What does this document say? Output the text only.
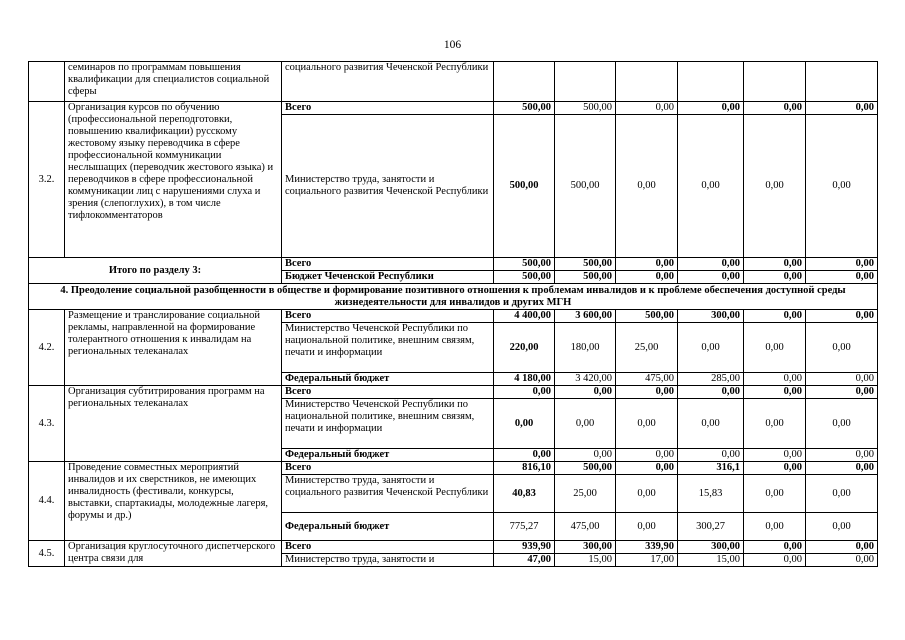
106
	семинаров по программам повышения квалификации для специалистов социальной сферы	социального развития Чеченской Республики						
3.2.	Организация курсов по обучению (профессиональной переподготовки, повышению квалификации) русскому жестовому языку переводчика в сфере профессиональной коммуникации неслышащих (переводчик жестового языка) и переводчиков в сфере профессиональной коммуникации лиц с нарушениями слуха и зрения (слепоглухих), в том числе тифлокомментаторов	Всего	500,00	500,00	0,00	0,00	0,00	0,00
		Министерство труда, занятости и социального развития Чеченской Республики	500,00	500,00	0,00	0,00	0,00	0,00
Итого по разделу 3:		Всего	500,00	500,00	0,00	0,00	0,00	0,00
		Бюджет Чеченской Республики	500,00	500,00	0,00	0,00	0,00	0,00
4. Преодоление социальной разобщенности в обществе и формирование позитивного отношения к проблемам инвалидов и к проблеме обеспечения доступной среды жизнедеятельности для инвалидов и других МГН								
4.2.	Размещение и транслирование социальной рекламы, направленной на формирование толерантного отношения к инвалидам на региональных телеканалах	Всего	4 400,00	3 600,00	500,00	300,00	0,00	0,00
		Министерство Чеченской Республики по национальной политике, внешним связям, печати и информации	220,00	180,00	25,00	0,00	0,00	0,00
		Федеральный бюджет	4 180,00	3 420,00	475,00	285,00	0,00	0,00
4.3.	Организация субтитрирования программ на региональных телеканалах	Всего	0,00	0,00	0,00	0,00	0,00	0,00
		Министерство Чеченской Республики по национальной политике, внешним связям, печати и информации	0,00	0,00	0,00	0,00	0,00	0,00
		Федеральный бюджет	0,00	0,00	0,00	0,00	0,00	0,00
4.4.	Проведение совместных мероприятий инвалидов и их сверстников, не имеющих инвалидность (фестивали, конкурсы, выставки, спартакиады, молодежные лагеря, форумы и др.)	Всего	816,10	500,00	0,00	316,1	0,00	0,00
		Министерство труда, занятости и социального развития Чеченской Республики	40,83	25,00	0,00	15,83	0,00	0,00
		Федеральный бюджет	775,27	475,00	0,00	300,27	0,00	0,00
4.5.	Организация круглосуточного диспетчерского центра связи для	Всего	939,90	300,00	339,90	300,00	0,00	0,00
		Министерство труда, занятости и	47,00	15,00	17,00	15,00	0,00	0,00
